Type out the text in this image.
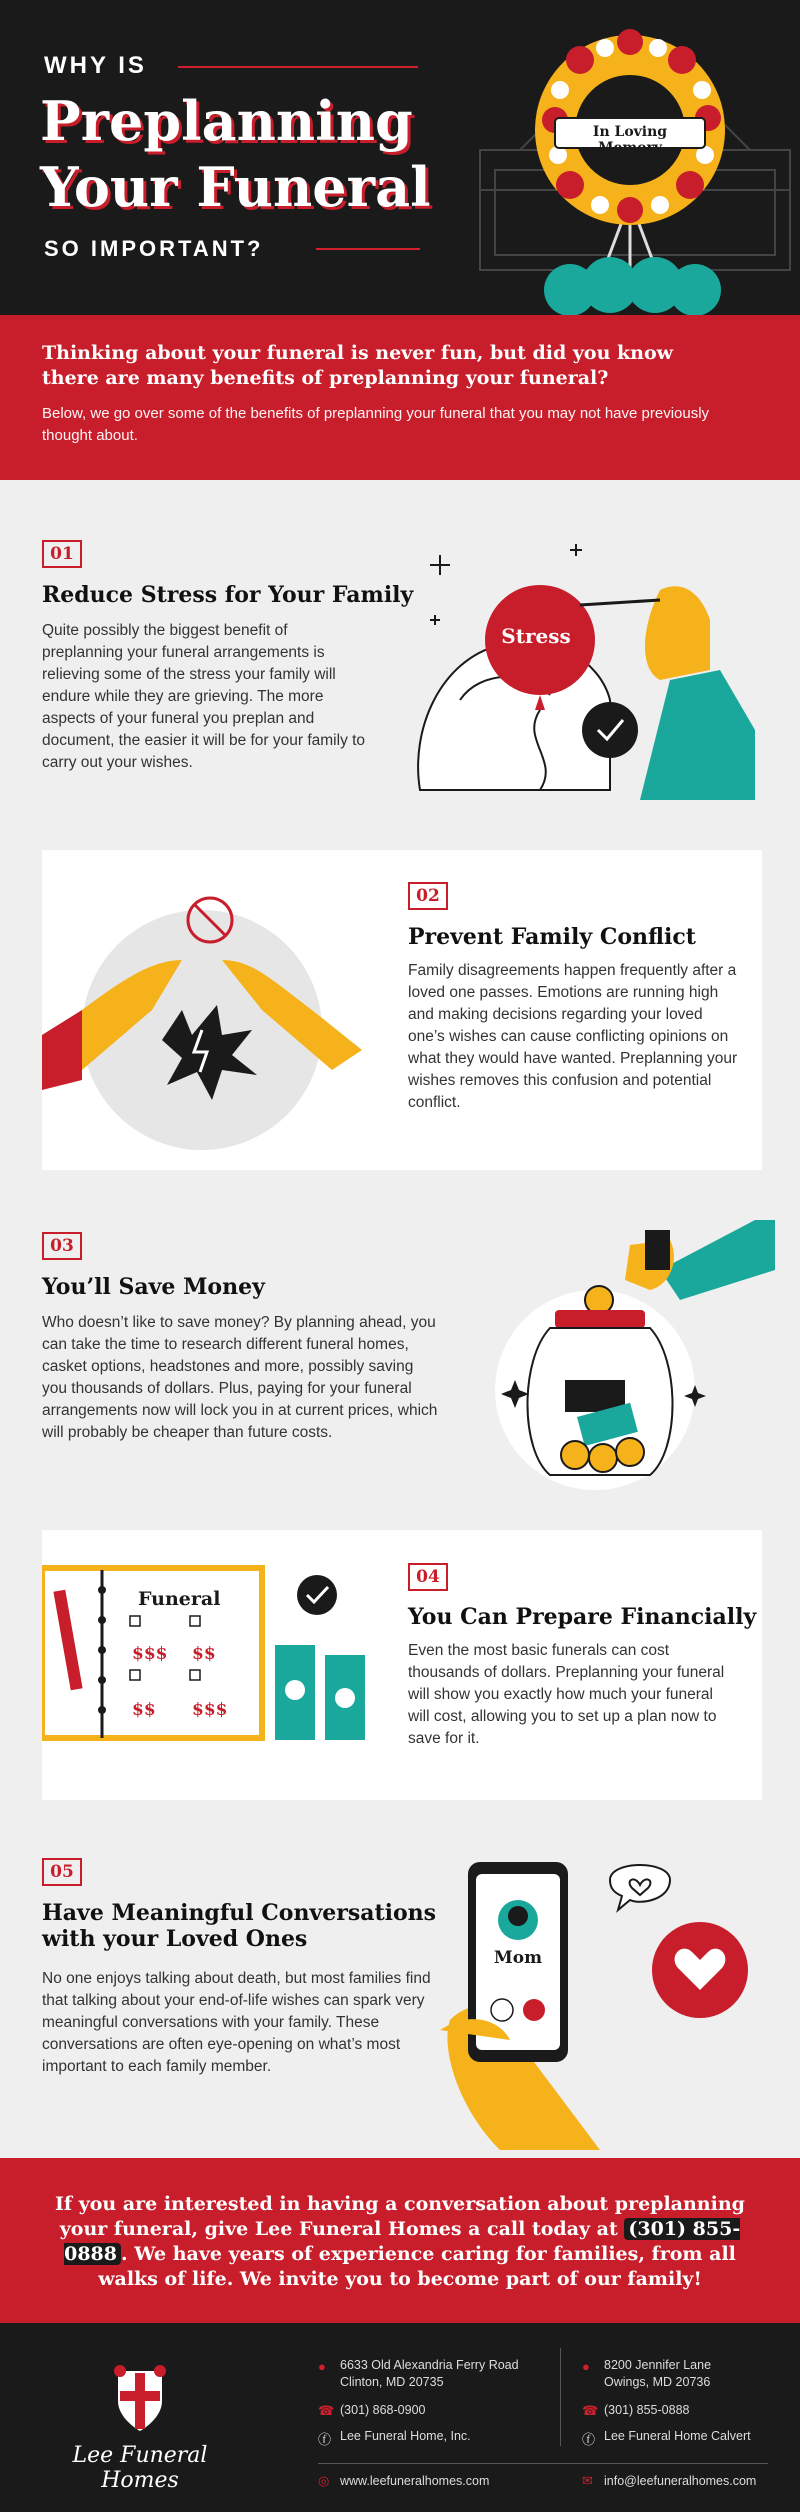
WHY IS
Preplanning
Your Funeral
SO IMPORTANT?
In Loving Memory
Thinking about your funeral is never fun, but did you know there are many benefits of preplanning your funeral?
Below, we go over some of the benefits of preplanning your funeral that you may not have previously thought about.
01
Reduce Stress for Your Family
Quite possibly the biggest benefit of preplanning your funeral arrangements is relieving some of the stress your family will endure while they are grieving. The more aspects of your funeral you preplan and document, the easier it will be for your family to carry out your wishes.
Stress
02
Prevent Family Conflict
Family disagreements happen frequently after a loved one passes. Emotions are running high and making decisions regarding your loved one’s wishes can cause conflicting opinions on what they would have wanted. Preplanning your wishes removes this confusion and potential conflict.
03
You’ll Save Money
Who doesn’t like to save money? By planning ahead, you can take the time to research different funeral homes, casket options, headstones and more, possibly saving you thousands of dollars. Plus, paying for your funeral arrangements now will lock you in at current prices, which will probably be cheaper than future costs.
Funeral
$$$ $$
$$ $$$
04
You Can Prepare Financially
Even the most basic funerals can cost thousands of dollars. Preplanning your funeral will show you exactly how much your funeral will cost, allowing you to set up a plan now to save for it.
05
Have Meaningful Conversations
with your Loved Ones
No one enjoys talking about death, but most families find that talking about your end-of-life wishes can spark very meaningful conversations with your family. These conversations are often eye-opening on what’s most important to each family member.
Mom

If you are interested in having a conversation about preplanning your funeral, give Lee Funeral Homes a call today at (301) 855-0888 . We have years of experience caring for families, from all walks of life. We invite you to become part of our family!

Lee Funeral Homes
● 6633 Old Alexandria Ferry Road
Clinton, MD 20735
☎ (301) 868-0900
ⓕ Lee Funeral Home, Inc.
● 8200 Jennifer Lane
Owings, MD 20736
☎ (301) 855-0888
ⓕ Lee Funeral Home Calvert
◎ www.leefuneralhomes.com	✉ info@leefuneralhomes.com
